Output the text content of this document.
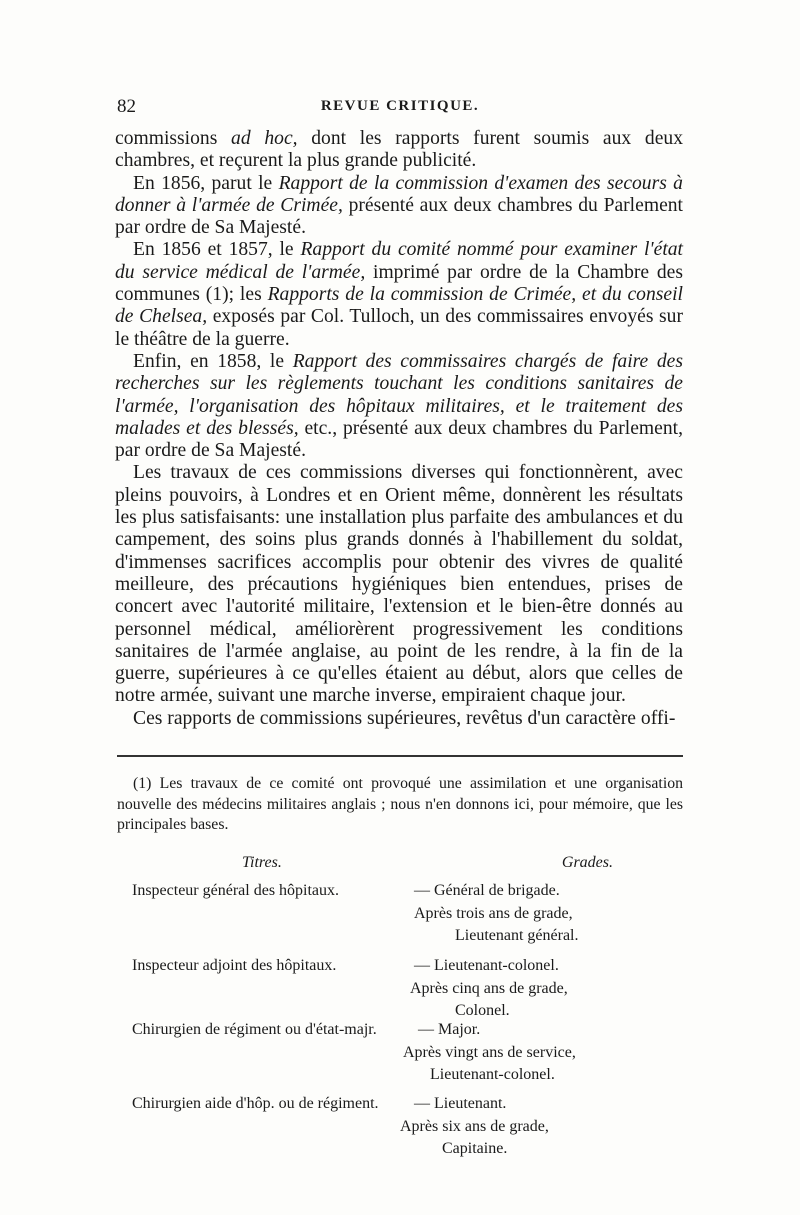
82	REVUE CRITIQUE.

commissions ad hoc, dont les rapports furent soumis aux deux chambres, et reçurent la plus grande publicité.

En 1856, parut le Rapport de la commission d'examen des secours à donner à l'armée de Crimée, présenté aux deux chambres du Parlement par ordre de Sa Majesté.

En 1856 et 1857, le Rapport du comité nommé pour examiner l'état du service médical de l'armée, imprimé par ordre de la Chambre des communes (1); les Rapports de la commission de Crimée, et du conseil de Chelsea, exposés par Col. Tulloch, un des commissaires envoyés sur le théâtre de la guerre.

Enfin, en 1858, le Rapport des commissaires chargés de faire des recherches sur les règlements touchant les conditions sanitaires de l'armée, l'organisation des hôpitaux militaires, et le traitement des malades et des blessés, etc., présenté aux deux chambres du Parlement, par ordre de Sa Majesté.

Les travaux de ces commissions diverses qui fonctionnèrent, avec pleins pouvoirs, à Londres et en Orient même, donnèrent les résultats les plus satisfaisants: une installation plus parfaite des ambulances et du campement, des soins plus grands donnés à l'habillement du soldat, d'immenses sacrifices accomplis pour obtenir des vivres de qualité meilleure, des précautions hygiéniques bien entendues, prises de concert avec l'autorité militaire, l'extension et le bien-être donnés au personnel médical, améliorèrent progressivement les conditions sanitaires de l'armée anglaise, au point de les rendre, à la fin de la guerre, supérieures à ce qu'elles étaient au début, alors que celles de notre armée, suivant une marche inverse, empiraient chaque jour.

Ces rapports de commissions supérieures, revêtus d'un caractère offi-

(1) Les travaux de ce comité ont provoqué une assimilation et une organisation nouvelle des médecins militaires anglais ; nous n'en donnons ici, pour mémoire, que les principales bases.

Titres.	Grades.
Inspecteur général des hôpitaux.	— Général de brigade.
Après trois ans de grade,
Lieutenant général.
Inspecteur adjoint des hôpitaux.	— Lieutenant-colonel.
Après cinq ans de grade,
Colonel.
Chirurgien de régiment ou d'état-majr.	— Major.
Après vingt ans de service,
Lieutenant-colonel.
Chirurgien aide d'hôp. ou de régiment. — Lieutenant.
Après six ans de grade,
Capitaine.
